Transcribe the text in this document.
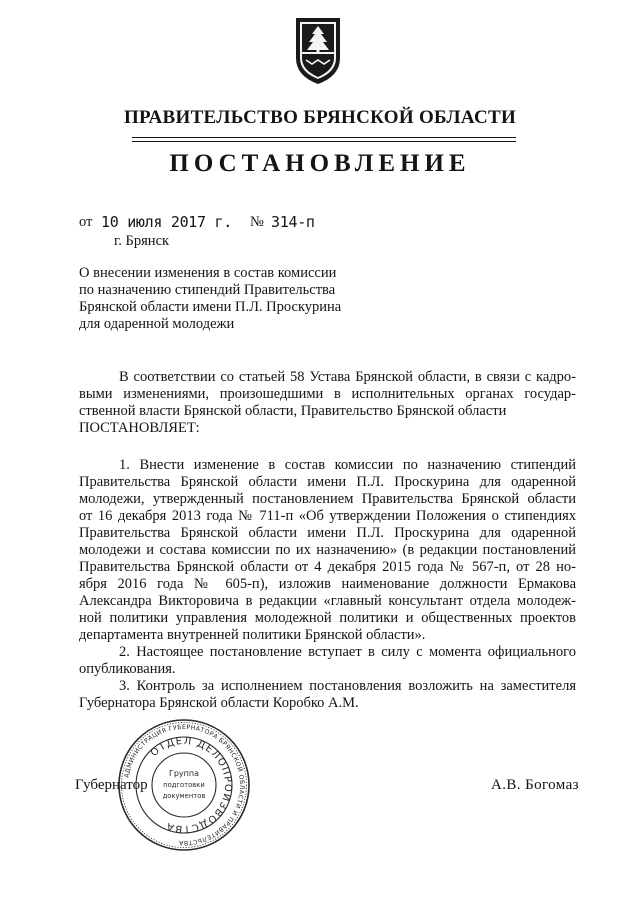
ПРАВИТЕЛЬСТВО БРЯНСКОЙ ОБЛАСТИ
ПОСТАНОВЛЕНИЕ
от 10 июля 2017 г. № 314-п
г. Брянск
О внесении изменения в состав комиссии
по назначению стипендий Правительства
Брянской области имени П.Л. Проскурина
для одаренной молодежи
В соответствии со статьей 58 Устава Брянской области, в связи с кадро-
выми изменениями, произошедшими в исполнительных органах государ-
ственной власти Брянской области, Правительство Брянской области
ПОСТАНОВЛЯЕТ:
1. Внести изменение в состав комиссии по назначению стипендий
Правительства Брянской области имени П.Л. Проскурина для одаренной
молодежи, утвержденный постановлением Правительства Брянской области
от 16 декабря 2013 года № 711-п «Об утверждении Положения о стипендиях
Правительства Брянской области имени П.Л. Проскурина для одаренной
молодежи и состава комиссии по их назначению» (в редакции постановлений
Правительства Брянской области от 4 декабря 2015 года № 567-п, от 28 но-
ября 2016 года № 605-п), изложив наименование должности Ермакова
Александра Викторовича в редакции «главный консультант отдела молодеж-
ной политики управления молодежной политики и общественных проектов
департамента внутренней политики Брянской области».
2. Настоящее постановление вступает в силу с момента официального
опубликования.
3. Контроль за исполнением постановления возложить на заместителя
Губернатора Брянской области Коробко А.М.
Губернатор	А.В. Богомаз
АДМИНИСТРАЦИЯ ГУБЕРНАТОРА БРЯНСКОЙ ОБЛАСТИ И ПРАВИТЕЛЬСТВА
ОТДЕЛ ДЕЛОПРОИЗВОДСТВА
Группа
подготовки
документов
